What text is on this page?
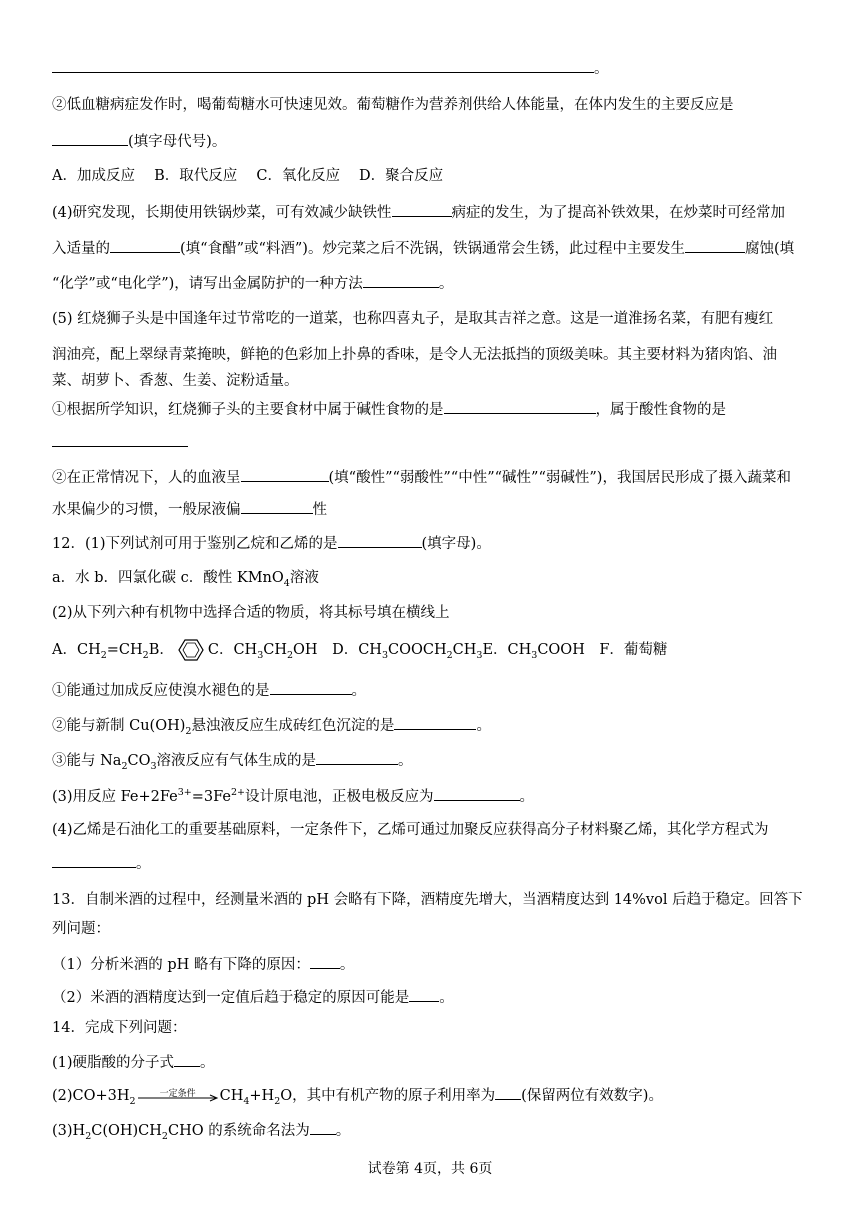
。
②低血糖病症发作时，喝葡萄糖水可快速见效。葡萄糖作为营养剂供给人体能量，在体内发生的主要反应是
(填字母代号)。
A．加成反应　 B．取代反应　 C．氧化反应　 D．聚合反应
(4)研究发现，长期使用铁锅炒菜，可有效减少缺铁性	病症的发生，为了提高补铁效果，在炒菜时可经常加
入适量的	(填“食醋”或“料酒”)。炒完菜之后不洗锅，铁锅通常会生锈，此过程中主要发生	腐蚀(填
“化学”或“电化学”)，请写出金属防护的一种方法	。
(5) 红烧狮子头是中国逢年过节常吃的一道菜，也称四喜丸子，是取其吉祥之意。这是一道淮扬名菜，有肥有瘦红
润油亮，配上翠绿青菜掩映，鲜艳的色彩加上扑鼻的香味，是令人无法抵挡的顶级美味。其主要材料为猪肉馅、油
菜、胡萝卜、香葱、生姜、淀粉适量。
①根据所学知识，红烧狮子头的主要食材中属于碱性食物的是	，属于酸性食物的是
②在正常情况下，人的血液呈	(填“酸性”“弱酸性”“中性”“碱性”“弱碱性”)，我国居民形成了摄入蔬菜和
水果偏少的习惯，一般尿液偏	性
12．(1)下列试剂可用于鉴别乙烷和乙烯的是	(填字母)。
a．水 b．四氯化碳 c．酸性 KMnO$_4$溶液
(2)从下列六种有机物中选择合适的物质，将其标号填在横线上
A．$CH_2=CH_2B$． C．$CH_3CH_2OH$　D．$CH_3COOCH_2CH_3E$．$CH_3COOH$　F．葡萄糖
①能通过加成反应使溴水褪色的是	。
②能与新制 $Cu(OH)_2$悬浊液反应生成砖红色沉淀的是	。
③能与 $Na_2CO_3$溶液反应有气体生成的是	。
(3)用反应 $Fe+2Fe^{3+}=3Fe^{2+}$设计原电池，正极电极反应为	。
(4)乙烯是石油化工的重要基础原料，一定条件下，乙烯可通过加聚反应获得高分子材料聚乙烯，其化学方程式为
。
13．自制米酒的过程中，经测量米酒的 pH 会略有下降，酒精度先增大，当酒精度达到 14%vol 后趋于稳定。回答下
列问题：
（1）分析米酒的 pH 略有下降的原因： 。
（2）米酒的酒精度达到一定值后趋于稳定的原因可能是 。
14．完成下列问题：
(1)硬脂酸的分子式 。
$(2)CO+3H_2$
一定条件	$CH_4+H_2O$，其中有机产物的原子利用率为 (保留两位有效数字)。
$(3)H_2C(OH)CH_2CHO$ 的系统命名法为 。
试卷第 4页，共 6页
